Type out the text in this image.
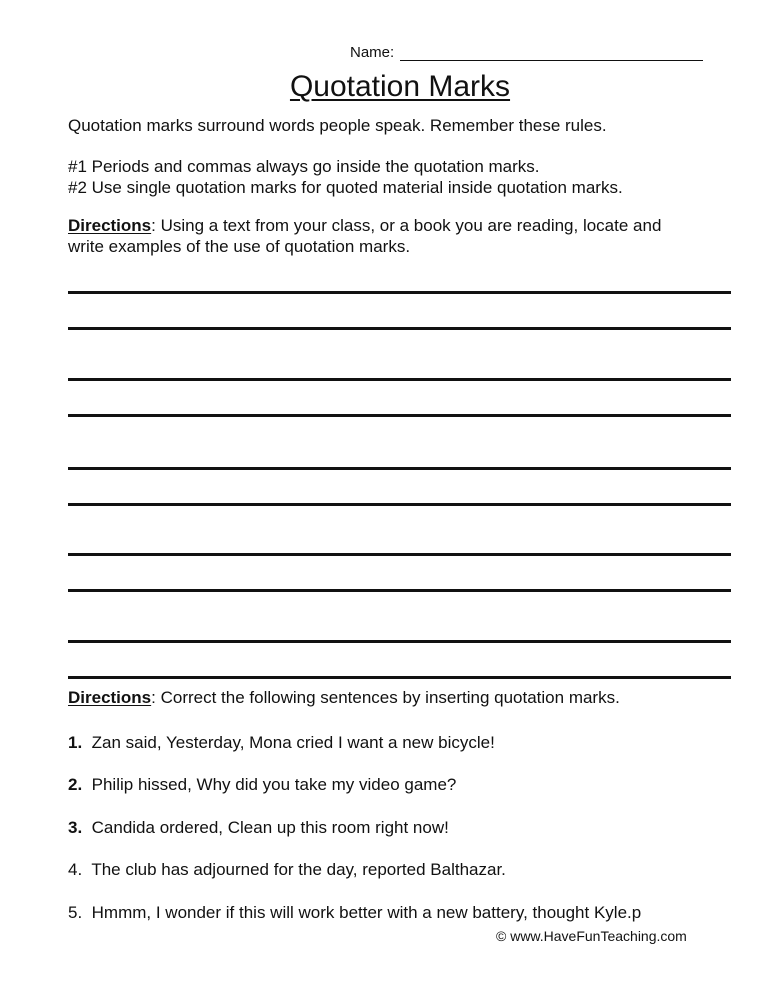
Name:
Quotation Marks
Quotation marks surround words people speak. Remember these rules.
#1 Periods and commas always go inside the quotation marks.
#2 Use single quotation marks for quoted material inside quotation marks.
Directions: Using a text from your class, or a book you are reading, locate and
write examples of the use of quotation marks.
Directions: Correct the following sentences by inserting quotation marks.
1. Zan said, Yesterday, Mona cried I want a new bicycle!
2. Philip hissed, Why did you take my video game?
3. Candida ordered, Clean up this room right now!
4. The club has adjourned for the day, reported Balthazar.
5. Hmmm, I wonder if this will work better with a new battery, thought Kyle.p
© www.HaveFunTeaching.com
